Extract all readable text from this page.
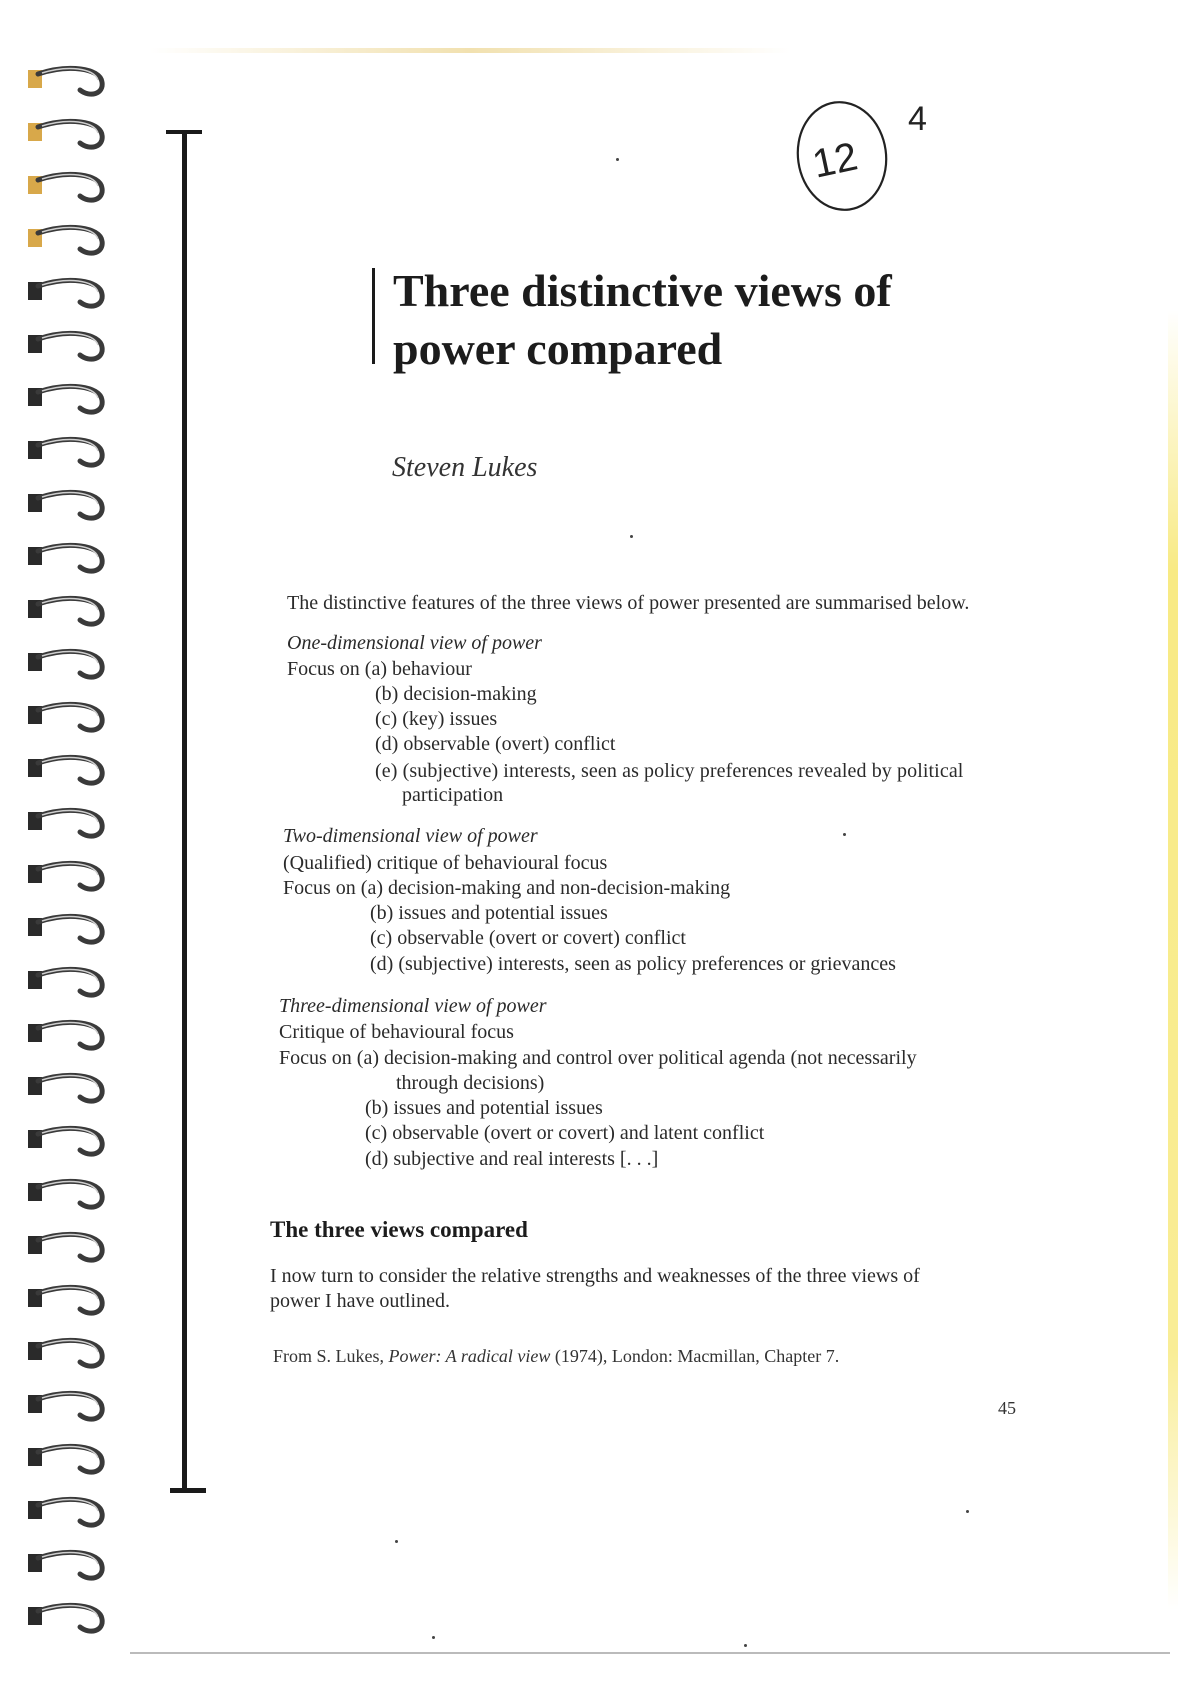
12
4
Three distinctive views of
power compared
Steven Lukes
The distinctive features of the three views of power presented are summarised below.
One-dimensional view of power
Focus on (a) behaviour
(b) decision-making
(c) (key) issues
(d) observable (overt) conflict
(e) (subjective) interests, seen as policy preferences revealed by political
participation
Two-dimensional view of power
(Qualified) critique of behavioural focus
Focus on (a) decision-making and non-decision-making
(b) issues and potential issues
(c) observable (overt or covert) conflict
(d) (subjective) interests, seen as policy preferences or grievances
Three-dimensional view of power
Critique of behavioural focus
Focus on (a) decision-making and control over political agenda (not necessarily
through decisions)
(b) issues and potential issues
(c) observable (overt or covert) and latent conflict
(d) subjective and real interests [. . .]
The three views compared
I now turn to consider the relative strengths and weaknesses of the three views of
power I have outlined.
From S. Lukes, Power: A radical view (1974), London: Macmillan, Chapter 7.
45
